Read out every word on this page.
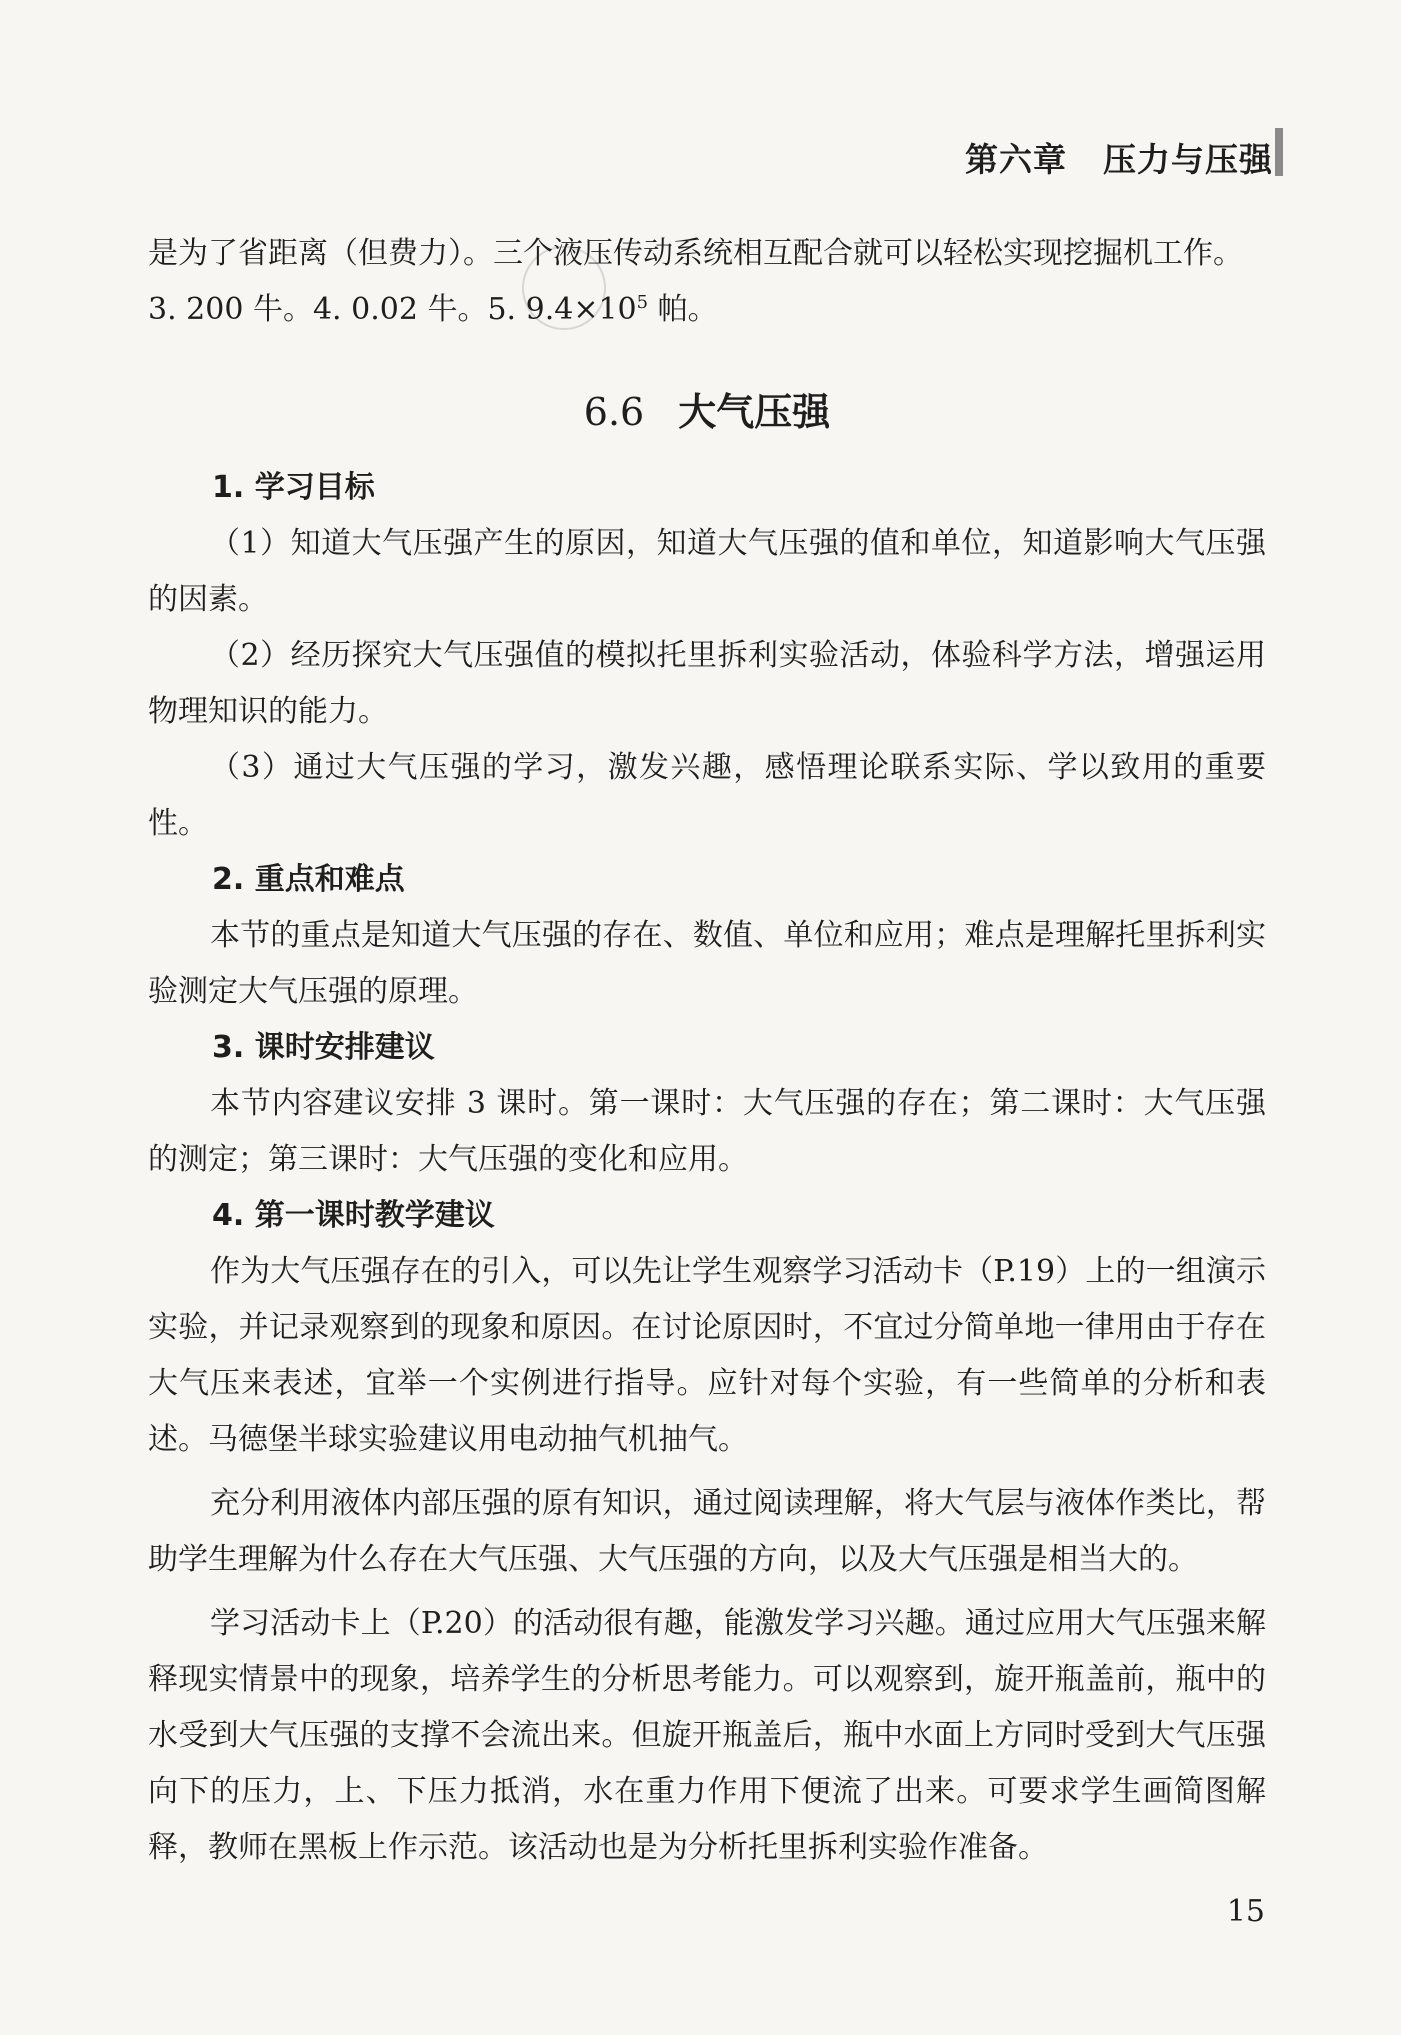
第六章 压力与压强

是为了省距离（但费力）。三个液压传动系统相互配合就可以轻松实现挖掘机工作。

3. 200 牛。4. 0.02 牛。5. $9.4\times 10^5$ 帕。

6.6 大气压强
1. 学习目标

（1）知道大气压强产生的原因，知道大气压强的值和单位，知道影响大气压强的因素。

（2）经历探究大气压强值的模拟托里拆利实验活动，体验科学方法，增强运用物理知识的能力。

（3）通过大气压强的学习，激发兴趣，感悟理论联系实际、学以致用的重要性。

2. 重点和难点

本节的重点是知道大气压强的存在、数值、单位和应用；难点是理解托里拆利实验测定大气压强的原理。

3. 课时安排建议

本节内容建议安排 3 课时。第一课时：大气压强的存在；第二课时：大气压强的测定；第三课时：大气压强的变化和应用。

4. 第一课时教学建议

作为大气压强存在的引入，可以先让学生观察学习活动卡（P.19）上的一组演示实验，并记录观察到的现象和原因。在讨论原因时，不宜过分简单地一律用由于存在大气压来表述，宜举一个实例进行指导。应针对每个实验，有一些简单的分析和表述。马德堡半球实验建议用电动抽气机抽气。

充分利用液体内部压强的原有知识，通过阅读理解，将大气层与液体作类比，帮助学生理解为什么存在大气压强、大气压强的方向，以及大气压强是相当大的。

学习活动卡上（P.20）的活动很有趣，能激发学习兴趣。通过应用大气压强来解释现实情景中的现象，培养学生的分析思考能力。可以观察到，旋开瓶盖前，瓶中的水受到大气压强的支撑不会流出来。但旋开瓶盖后，瓶中水面上方同时受到大气压强向下的压力，上、下压力抵消，水在重力作用下便流了出来。可要求学生画简图解释，教师在黑板上作示范。该活动也是为分析托里拆利实验作准备。

15
